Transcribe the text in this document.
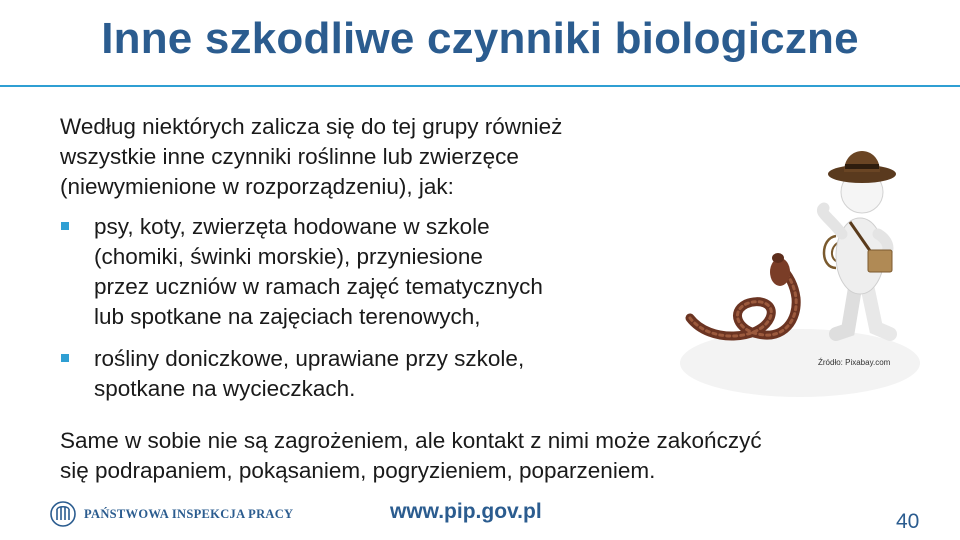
Inne szkodliwe czynniki biologiczne
Według niektórych zalicza się do tej grupy również
wszystkie inne czynniki roślinne lub zwierzęce
(niewymienione w rozporządzeniu), jak:
psy, koty, zwierzęta hodowane w szkole
(chomiki, świnki morskie), przyniesione
przez uczniów w ramach zajęć tematycznych
lub spotkane na zajęciach terenowych,
rośliny doniczkowe, uprawiane przy szkole,
spotkane na wycieczkach.
Same w sobie nie są zagrożeniem, ale kontakt z nimi może zakończyć
się podrapaniem, pokąsaniem, pogryzieniem, poparzeniem.
Źródło: Pixabay.com
PAŃSTWOWA INSPEKCJA PRACY	www.pip.gov.pl	40
